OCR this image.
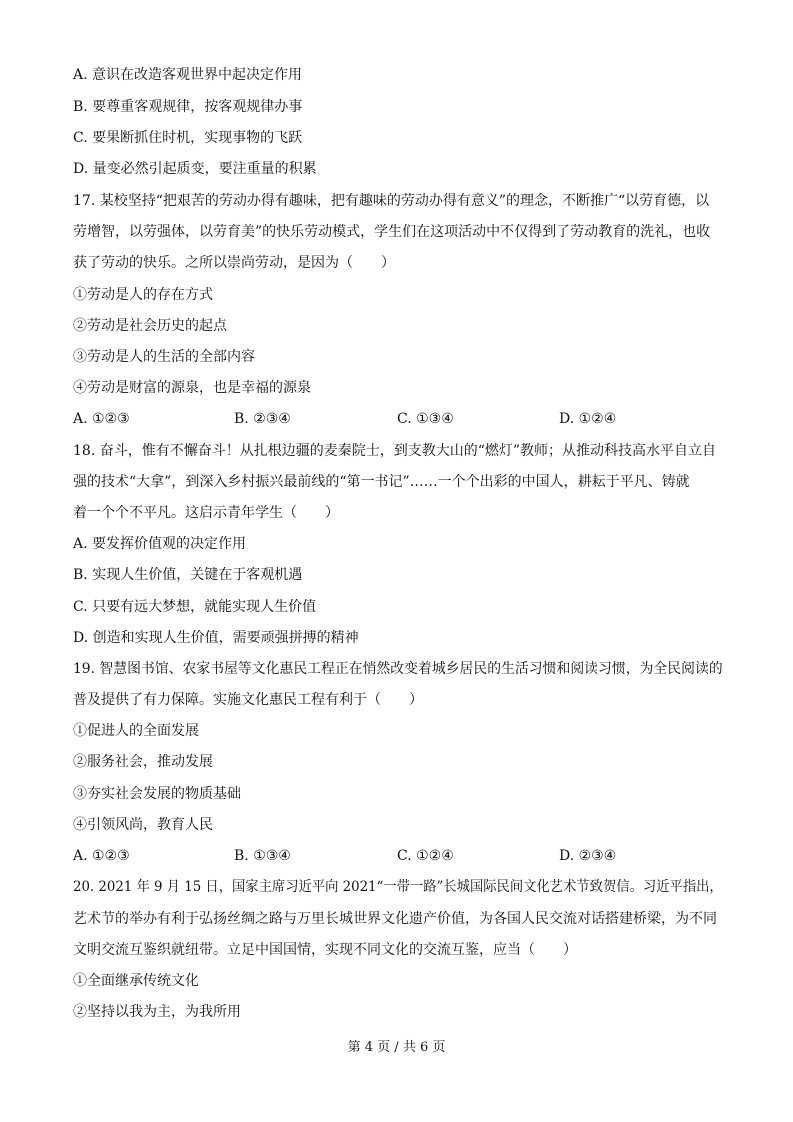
A. 意识在改造客观世界中起决定作用
B. 要尊重客观规律，按客观规律办事
C. 要果断抓住时机，实现事物的飞跃
D. 量变必然引起质变，要注重量的积累
17. 某校坚持“把艰苦的劳动办得有趣味，把有趣味的劳动办得有意义”的理念，不断推广“以劳育德，以
劳增智，以劳强体，以劳育美”的快乐劳动模式，学生们在这项活动中不仅得到了劳动教育的洗礼，也收
获了劳动的快乐。之所以崇尚劳动，是因为（　　）
①劳动是人的存在方式
②劳动是社会历史的起点
③劳动是人的生活的全部内容
④劳动是财富的源泉，也是幸福的源泉
A. ①②③	B. ②③④	C. ①③④	D. ①②④
18. 奋斗，惟有不懈奋斗！从扎根边疆的麦秦院士，到支教大山的“燃灯”教师；从推动科技高水平自立自
强的技术“大拿”，到深入乡村振兴最前线的“第一书记”……一个个出彩的中国人，耕耘于平凡、铸就
着一个个不平凡。这启示青年学生（　　）
A. 要发挥价值观的决定作用
B. 实现人生价值，关键在于客观机遇
C. 只要有远大梦想，就能实现人生价值
D. 创造和实现人生价值，需要顽强拼搏的精神
19. 智慧图书馆、农家书屋等文化惠民工程正在悄然改变着城乡居民的生活习惯和阅读习惯，为全民阅读的
普及提供了有力保障。实施文化惠民工程有利于（　　）
①促进人的全面发展
②服务社会，推动发展
③夯实社会发展的物质基础
④引领风尚，教育人民
A. ①②③	B. ①③④	C. ①②④	D. ②③④
20. 2021 年 9 月 15 日，国家主席习近平向 2021“一带一路”长城国际民间文化艺术节致贺信。习近平指出，
艺术节的举办有利于弘扬丝绸之路与万里长城世界文化遗产价值，为各国人民交流对话搭建桥梁，为不同
文明交流互鉴织就纽带。立足中国国情，实现不同文化的交流互鉴，应当（　　）
①全面继承传统文化
②坚持以我为主，为我所用
第 4 页 / 共 6 页
